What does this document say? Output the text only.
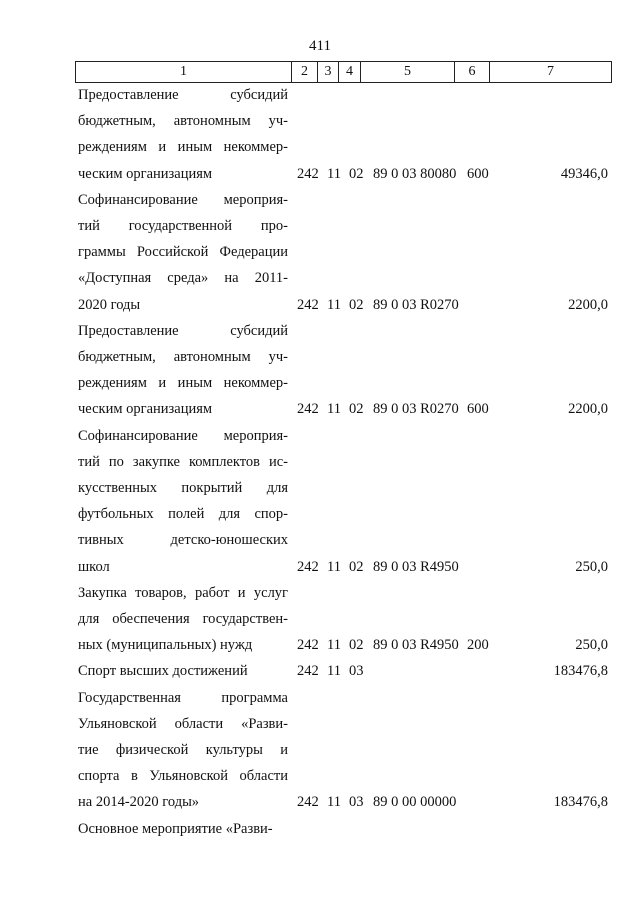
411
1	2	3	4	5	6	7
Предоставление субсидий
бюджетным, автономным уч-
реждениям и иным некоммер-
ческим организациям	242 11 02 89 0 03 80080 600	49346,0
Софинансирование мероприя-
тий государственной про-
граммы Российской Федерации
«Доступная среда» на 2011-
2020 годы	242 11 02 89 0 03 R0270	2200,0
Предоставление субсидий
бюджетным, автономным уч-
реждениям и иным некоммер-
ческим организациям	242 11 02 89 0 03 R0270 600	2200,0
Софинансирование мероприя-
тий по закупке комплектов ис-
кусственных покрытий для
футбольных полей для спор-
тивных детско-юношеских
школ	242 11 02 89 0 03 R4950	250,0
Закупка товаров, работ и услуг
для обеспечения государствен-
ных (муниципальных) нужд	242 11 02 89 0 03 R4950 200	250,0
Спорт высших достижений	242 11 03	183476,8
Государственная программа
Ульяновской области «Разви-
тие физической культуры и
спорта в Ульяновской области
на 2014-2020 годы»	242 11 03 89 0 00 00000	183476,8
Основное мероприятие «Разви-
